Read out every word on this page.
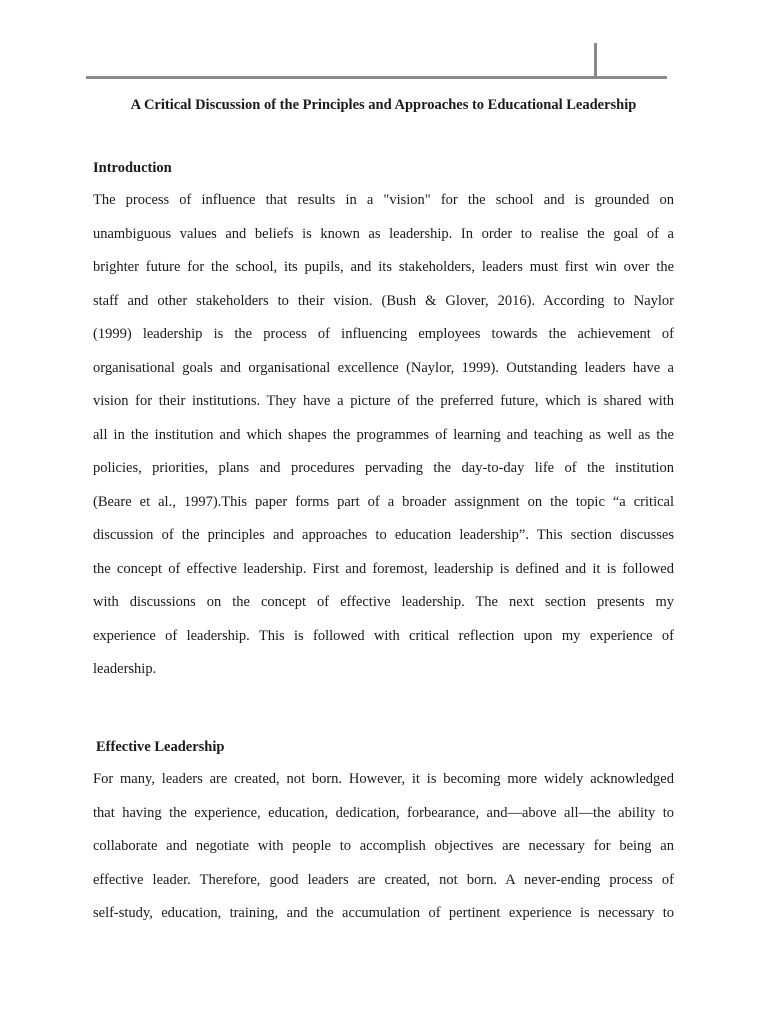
A Critical Discussion of the Principles and Approaches to Educational Leadership
Introduction
The process of influence that results in a "vision" for the school and is grounded on
unambiguous values and beliefs is known as leadership. In order to realise the goal of a
brighter future for the school, its pupils, and its stakeholders, leaders must first win over the
staff and other stakeholders to their vision. (Bush & Glover, 2016). According to Naylor
(1999) leadership is the process of influencing employees towards the achievement of
organisational goals and organisational excellence (Naylor, 1999). Outstanding leaders have a
vision for their institutions. They have a picture of the preferred future, which is shared with
all in the institution and which shapes the programmes of learning and teaching as well as the
policies, priorities, plans and procedures pervading the day-to-day life of the institution
(Beare et al., 1997).This paper forms part of a broader assignment on the topic “a critical
discussion of the principles and approaches to education leadership”. This section discusses
the concept of effective leadership. First and foremost, leadership is defined and it is followed
with discussions on the concept of effective leadership. The next section presents my
experience of leadership. This is followed with critical reflection upon my experience of
leadership.
Effective Leadership
For many, leaders are created, not born. However, it is becoming more widely acknowledged
that having the experience, education, dedication, forbearance, and—above all—the ability to
collaborate and negotiate with people to accomplish objectives are necessary for being an
effective leader. Therefore, good leaders are created, not born. A never-ending process of
self-study, education, training, and the accumulation of pertinent experience is necessary to
